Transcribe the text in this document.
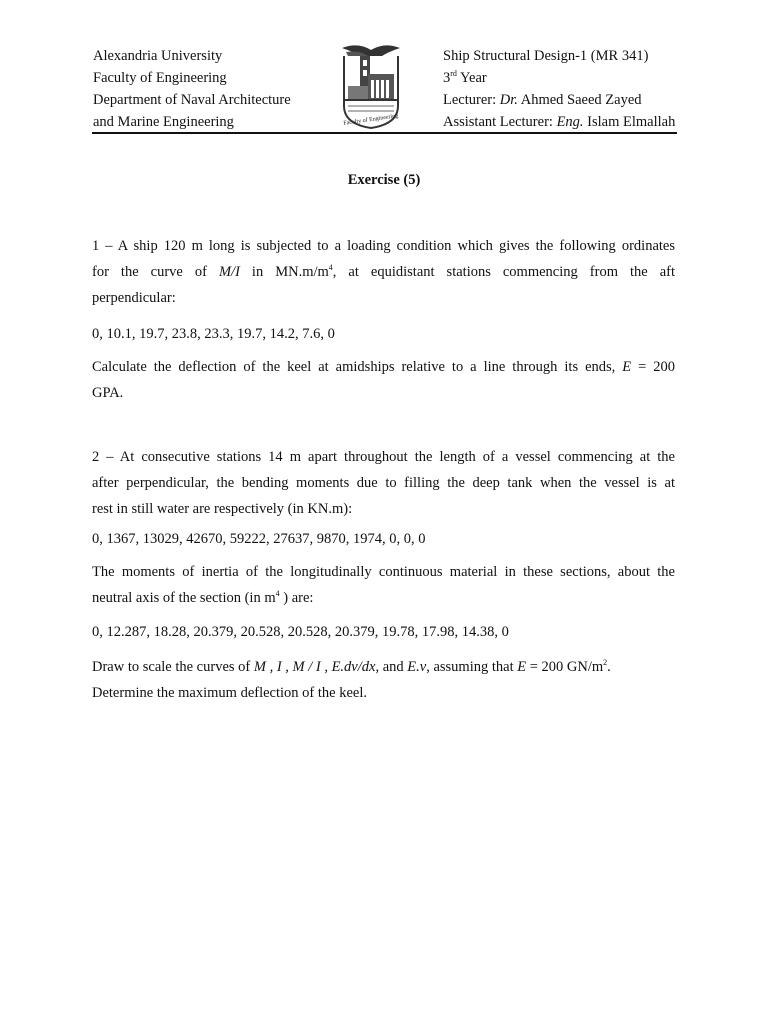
Alexandria University
Faculty of Engineering
Department of Naval Architecture
and Marine Engineering	Faculty of Engineering
Ship Structural Design-1 (MR 341)
3rd Year
Lecturer: Dr. Ahmed Saeed Zayed
Assistant Lecturer: Eng. Islam Elmallah
Exercise (5)
1 – A ship 120 m long is subjected to a loading condition which gives the following ordinates
for the curve of M/I in $MN.m/m^4$, at equidistant stations commencing from the aft
perpendicular:
0, 10.1, 19.7, 23.8, 23.3, 19.7, 14.2, 7.6, 0
Calculate the deflection of the keel at amidships relative to a line through its ends, E = 200
GPA.
2 – At consecutive stations 14 m apart throughout the length of a vessel commencing at the
after perpendicular, the bending moments due to filling the deep tank when the vessel is at
rest in still water are respectively (in KN.m):
0, 1367, 13029, 42670, 59222, 27637, 9870, 1974, 0, 0, 0
The moments of inertia of the longitudinally continuous material in these sections, about the
neutral axis of the section (in $m^4$ ) are:
0, 12.287, 18.28, 20.379, 20.528, 20.528, 20.379, 19.78, 17.98, 14.38, 0
Draw to scale the curves of M , I , M / I , E.dv/dx, and E.v, assuming that E = 200 $GN/m^2$.
Determine the maximum deflection of the keel.
